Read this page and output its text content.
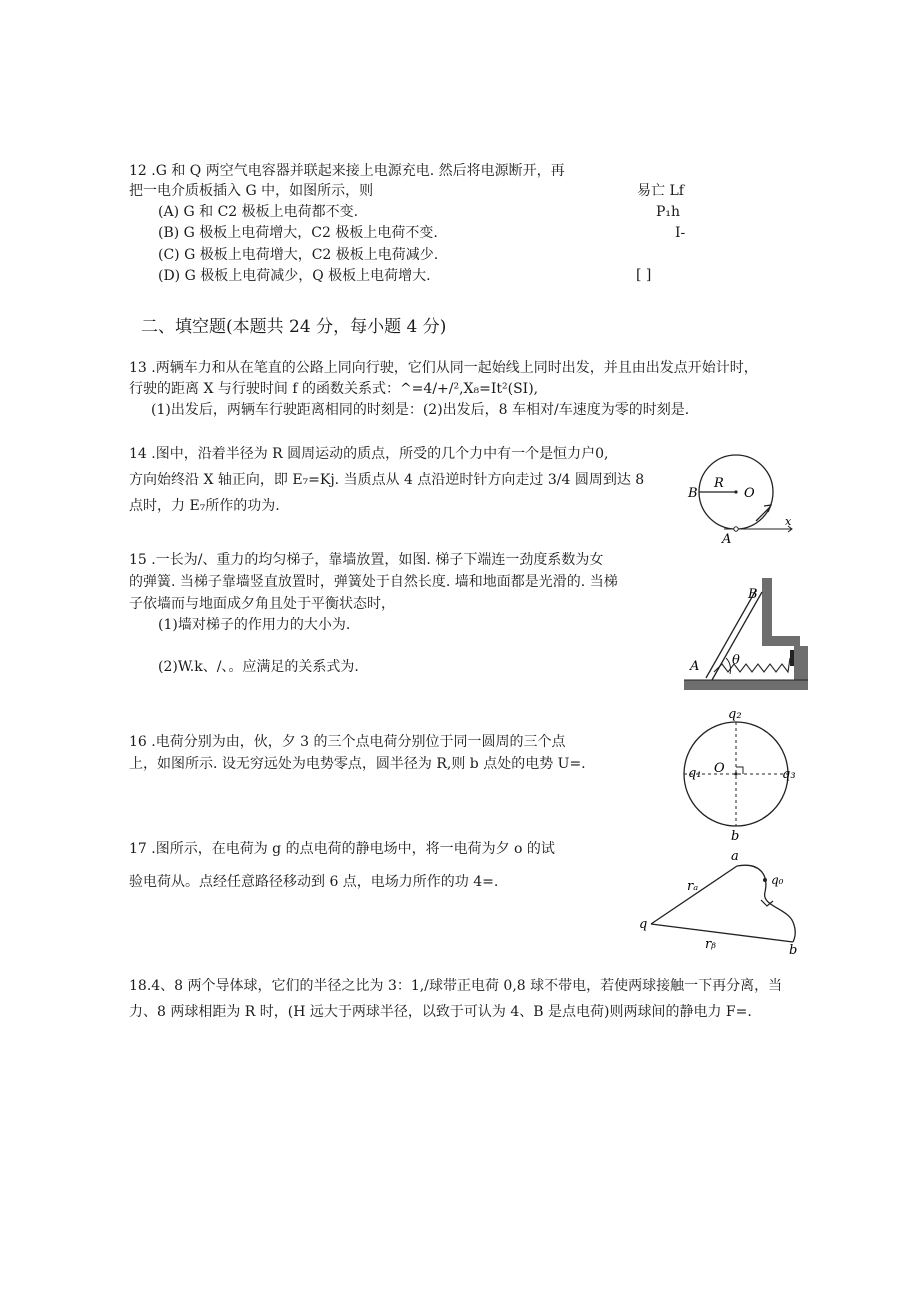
12 .G 和 Q 两空气电容器并联起来接上电源充电. 然后将电源断开，再
把一电介质板插入 G 中，如图所示，则
(A) G 和 C2 极板上电荷都不变.
(B) G 极板上电荷增大，C2 极板上电荷不变.
(C) G 极板上电荷增大，C2 极板上电荷减少.
(D) G 极板上电荷减少，Q 极板上电荷增大.
易亡 Lf
P₁h
I-
[ ]
二、填空题(本题共 24 分，每小题 4 分)
13 .两辆车力和从在笔直的公路上同向行驶，它们从同一起始线上同时出发，并且由出发点开始计时，
行驶的距离 X 与行驶时间 f 的函数关系式：^=4/+/²,X₈=It²(SI),
(1)出发后，两辆车行驶距离相同的时刻是：(2)出发后，8 车相对/车速度为零的时刻是.
14 .图中，沿着半径为 R 圆周运动的质点，所受的几个力中有一个是恒力户0,
方向始终沿 X 轴正向，即 E₇=Kj. 当质点从 4 点沿逆时针方向走过 3/4 圆周到达 8
点时，力 E₇所作的功为.
B
R
O
A
x
15 .一长为/、重力的均匀梯子，靠墙放置，如图. 梯子下端连一劲度系数为女
的弹簧. 当梯子靠墙竖直放置时，弹簧处于自然长度. 墙和地面都是光滑的. 当梯
子依墙而与地面成夕角且处于平衡状态时，
(1)墙对梯子的作用力的大小为.
(2)W.k、/、。应满足的关系式为.
B
A	θ
16 .电荷分别为由，伙，夕 3 的三个点电荷分别位于同一圆周的三个点
上，如图所示. 设无穷远处为电势零点，圆半径为 R,则 b 点处的电势 U=.
q₂
q₁	q₃
O
b
17 .图所示，在电荷为 g 的点电荷的静电场中，将一电荷为夕 o 的试
验电荷从。点经任意路径移动到 6 点，电场力所作的功 4=.
a
q₀
rₐ
q
rᵦ	b
18.4、8 两个导体球，它们的半径之比为 3：1,/球带正电荷 0,8 球不带电，若使两球接触一下再分离，当
力、8 两球相距为 R 时，(H 远大于两球半径，以致于可认为 4、B 是点电荷)则两球间的静电力 F=.
